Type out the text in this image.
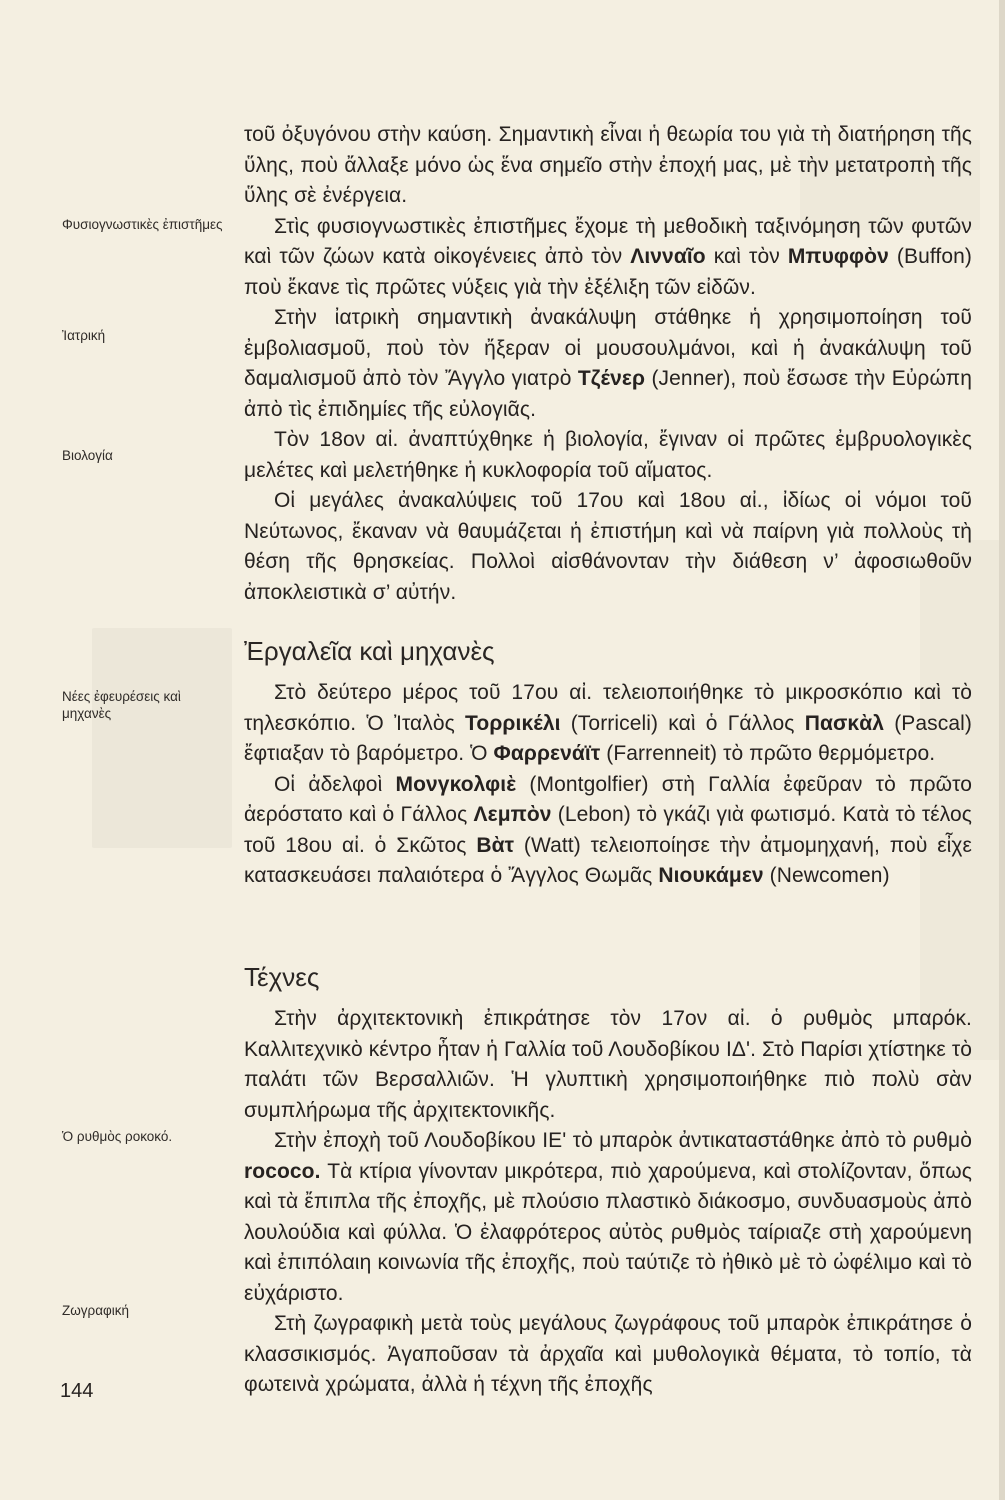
Φυσιογνωστικὲς ἐπιστῆμες
Ἰατρική
Βιολογία
Νέες ἐφευρέσεις καὶ μηχανὲς
Ὁ ρυθμὸς ροκοκό.
Ζωγραφική

τοῦ ὀξυγόνου στὴν καύση. Σημαντικὴ εἶναι ἡ θεωρία του γιὰ τὴ διατήρηση τῆς ὕλης, ποὺ ἄλλαξε μόνο ὡς ἕνα σημεῖο στὴν ἐποχή μας, μὲ τὴν μετατροπὴ τῆς ὕλης σὲ ἐνέργεια.

Στὶς φυσιογνωστικὲς ἐπιστῆμες ἔχομε τὴ μεθοδικὴ ταξινόμηση τῶν φυτῶν καὶ τῶν ζώων κατὰ οἰκογένειες ἀπὸ τὸν Λινναῖο καὶ τὸν Μπυφφὸν (Buffon) ποὺ ἔκανε τὶς πρῶτες νύξεις γιὰ τὴν ἐξέλιξη τῶν εἰδῶν.

Στὴν ἰατρικὴ σημαντικὴ ἀνακάλυψη στάθηκε ἡ χρησιμοποίηση τοῦ ἐμβολιασμοῦ, ποὺ τὸν ἤξεραν οἱ μουσουλμάνοι, καὶ ἡ ἀνακάλυψη τοῦ δαμαλισμοῦ ἀπὸ τὸν Ἄγγλο γιατρὸ Τζένερ (Jenner), ποὺ ἔσωσε τὴν Εὐρώπη ἀπὸ τὶς ἐπιδημίες τῆς εὐλογιᾶς.

Τὸν 18ον αἰ. ἀναπτύχθηκε ἡ βιολογία, ἔγιναν οἱ πρῶτες ἐμβρυολογικὲς μελέτες καὶ μελετήθηκε ἡ κυκλοφορία τοῦ αἵματος.

Οἱ μεγάλες ἀνακαλύψεις τοῦ 17ου καὶ 18ου αἰ., ἰδίως οἱ νόμοι τοῦ Νεύτωνος, ἔκαναν νὰ θαυμάζεται ἡ ἐπιστήμη καὶ νὰ παίρνη γιὰ πολλοὺς τὴ θέση τῆς θρησκείας. Πολλοὶ αἰσθάνονταν τὴν διάθεση ν’ ἀφοσιωθοῦν ἀποκλειστικὰ σ’ αὐτήν.

Ἐργαλεῖα καὶ μηχανὲς

Στὸ δεύτερο μέρος τοῦ 17ου αἰ. τελειοποιήθηκε τὸ μικροσκόπιο καὶ τὸ τηλεσκόπιο. Ὁ Ἰταλὸς Τορρικέλι (Torriceli) καὶ ὁ Γάλλος Πασκὰλ (Pascal) ἔφτιαξαν τὸ βαρόμετρο. Ὁ Φαρρενάϊτ (Farrenneit) τὸ πρῶτο θερμόμετρο.

Οἱ ἀδελφοὶ Μονγκολφιὲ (Montgolfier) στὴ Γαλλία ἐφεῦραν τὸ πρῶτο ἀερόστατο καὶ ὁ Γάλλος Λεμπὸν (Lebon) τὸ γκάζι γιὰ φωτισμό. Κατὰ τὸ τέλος τοῦ 18ου αἰ. ὁ Σκῶτος Βὰτ (Watt) τελειοποίησε τὴν ἀτμομηχανή, ποὺ εἶχε κατασκευάσει παλαιότερα ὁ Ἄγγλος Θωμᾶς Νιουκάμεν (Newcomen)

Τέχνες

Στὴν ἀρχιτεκτονικὴ ἐπικράτησε τὸν 17ον αἰ. ὁ ρυθμὸς μπαρόκ. Καλλιτεχνικὸ κέντρο ἦταν ἡ Γαλλία τοῦ Λουδοβίκου ΙΔʹ. Στὸ Παρίσι χτίστηκε τὸ παλάτι τῶν Βερσαλλιῶν. Ἡ γλυπτικὴ χρησιμοποιήθηκε πιὸ πολὺ σὰν συμπλήρωμα τῆς ἀρχιτεκτονικῆς.

Στὴν ἐποχὴ τοῦ Λουδοβίκου ΙΕʹ τὸ μπαρὸκ ἀντικαταστάθηκε ἀπὸ τὸ ρυθμὸ rococo. Τὰ κτίρια γίνονταν μικρότερα, πιὸ χαρούμενα, καὶ στολίζονταν, ὅπως καὶ τὰ ἔπιπλα τῆς ἐποχῆς, μὲ πλούσιο πλαστικὸ διάκοσμο, συνδυασμοὺς ἀπὸ λουλούδια καὶ φύλλα. Ὁ ἐλαφρότερος αὐτὸς ρυθμὸς ταίριαζε στὴ χαρούμενη καὶ ἐπιπόλαιη κοινωνία τῆς ἐποχῆς, ποὺ ταύτιζε τὸ ἠθικὸ μὲ τὸ ὠφέλιμο καὶ τὸ εὐχάριστο.

Στὴ ζωγραφικὴ μετὰ τοὺς μεγάλους ζωγράφους τοῦ μπαρὸκ ἐπικράτησε ὁ κλασσικισμός. Ἀγαποῦσαν τὰ ἀρχαῖα καὶ μυθολογικὰ θέματα, τὸ τοπίο, τὰ φωτεινὰ χρώματα, ἀλλὰ ἡ τέχνη τῆς ἐποχῆς

144
